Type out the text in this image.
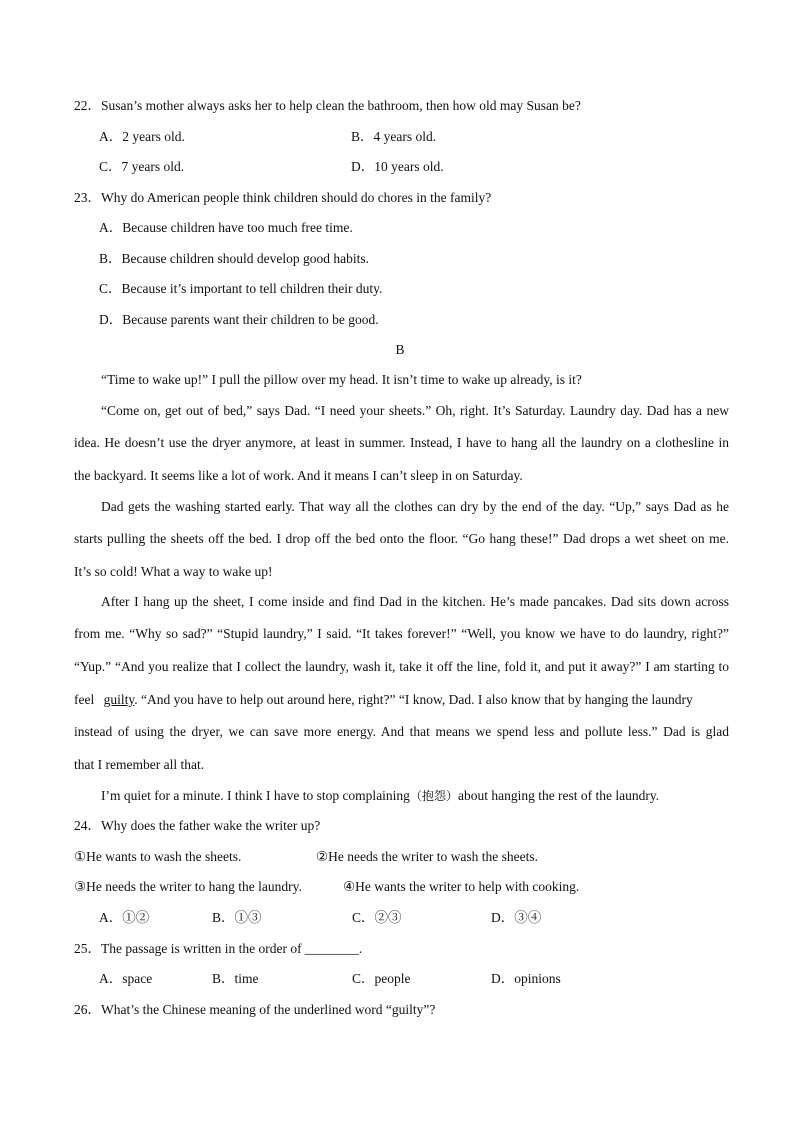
22．Susan’s mother always asks her to help clean the bathroom, then how old may Susan be?
A．2 years old.	B．4 years old.
C．7 years old.	D．10 years old.
23．Why do American people think children should do chores in the family?
A．Because children have too much free time.
B．Because children should develop good habits.
C．Because it’s important to tell children their duty.
D．Because parents want their children to be good.
B
“Time to wake up!” I pull the pillow over my head. It isn’t time to wake up already, is it?
“Come on, get out of bed,” says Dad. “I need your sheets.” Oh, right. It’s Saturday. Laundry day. Dad has a new
idea. He doesn’t use the dryer anymore, at least in summer. Instead, I have to hang all the laundry on a clothesline in
the backyard. It seems like a lot of work. And it means I can’t sleep in on Saturday.
Dad gets the washing started early. That way all the clothes can dry by the end of the day. “Up,” says Dad as he
starts pulling the sheets off the bed. I drop off the bed onto the floor. “Go hang these!” Dad drops a wet sheet on me.
It’s so cold! What a way to wake up!
After I hang up the sheet, I come inside and find Dad in the kitchen. He’s made pancakes. Dad sits down across
from me. “Why so sad?” “Stupid laundry,” I said. “It takes forever!” “Well, you know we have to do laundry, right?”
“Yup.” “And you realize that I collect the laundry, wash it, take it off the line, fold it, and put it away?” I am starting to
feel guilty. “And you have to help out around here, right?” “I know, Dad. I also know that by hanging the laundry
instead of using the dryer, we can save more energy. And that means we spend less and pollute less.” Dad is glad
that I remember all that.
I’m quiet for a minute. I think I have to stop complaining（抱怨）about hanging the rest of the laundry.
24．Why does the father wake the writer up?
①He wants to wash the sheets.	②He needs the writer to wash the sheets.
③He needs the writer to hang the laundry.	④He wants the writer to help with cooking.
A．①②	B．①③	C．②③	D．③④
25．The passage is written in the order of ________.
A．space	B．time	C．people	D．opinions
26．What’s the Chinese meaning of the underlined word “guilty”?
